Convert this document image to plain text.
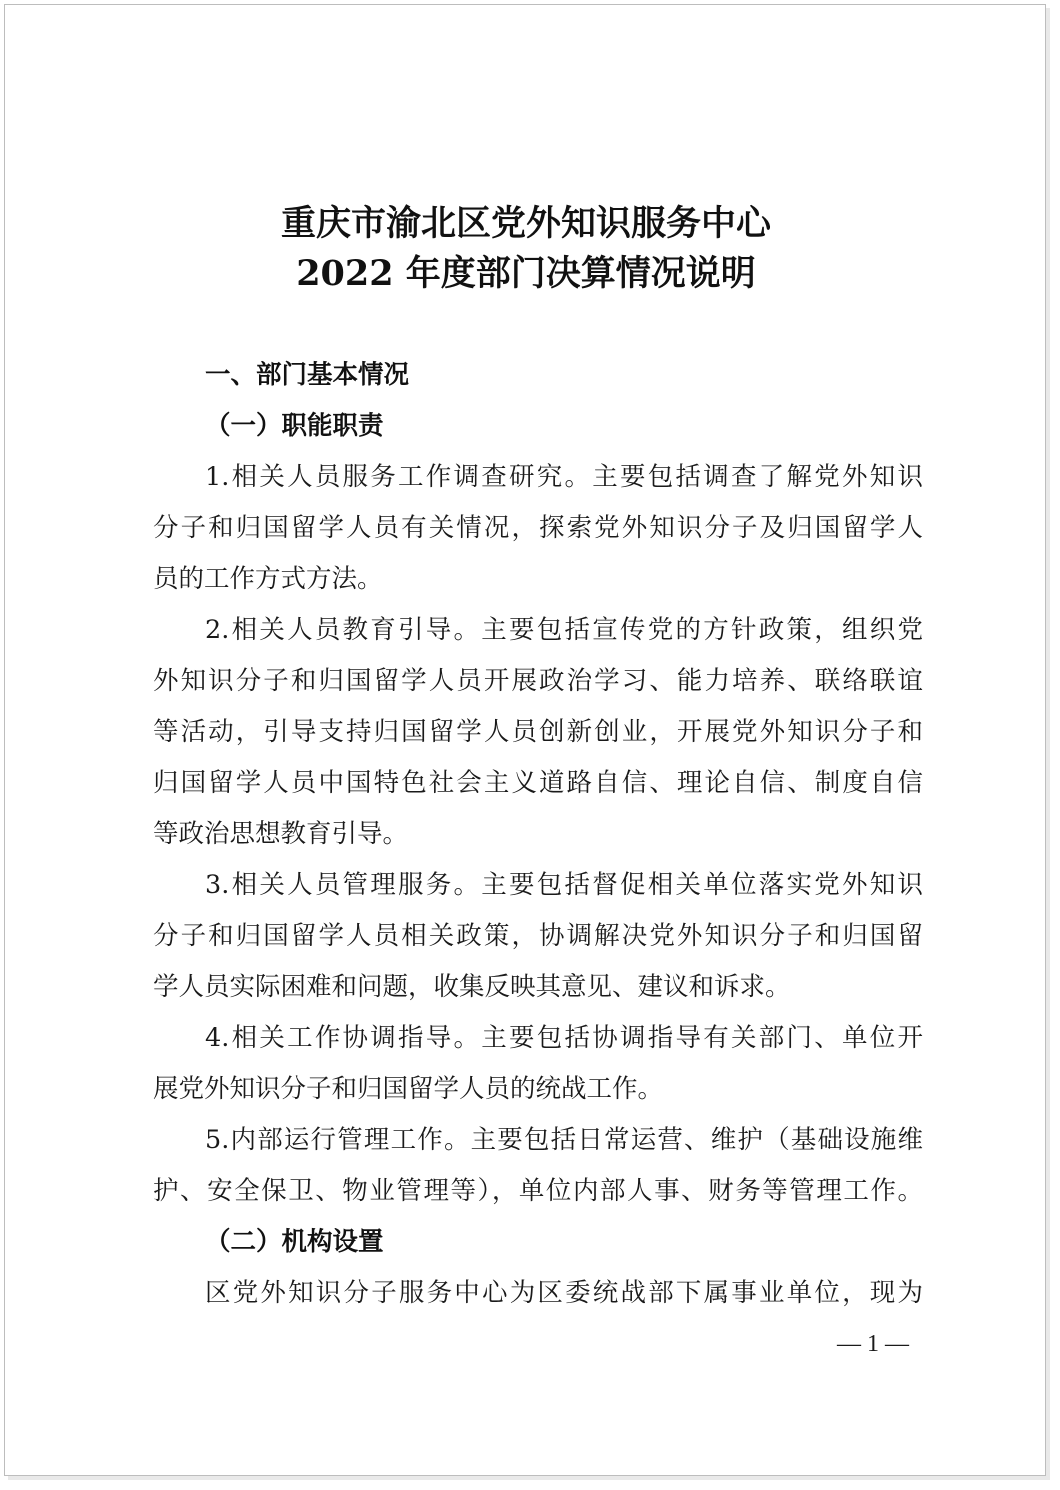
重庆市渝北区党外知识服务中心
2022 年度部门决算情况说明
一、部门基本情况
（一）职能职责
1.相关人员服务工作调查研究。主要包括调查了解党外知识
分子和归国留学人员有关情况，探索党外知识分子及归国留学人
员的工作方式方法。
2.相关人员教育引导。主要包括宣传党的方针政策，组织党
外知识分子和归国留学人员开展政治学习、能力培养、联络联谊
等活动，引导支持归国留学人员创新创业，开展党外知识分子和
归国留学人员中国特色社会主义道路自信、理论自信、制度自信
等政治思想教育引导。
3.相关人员管理服务。主要包括督促相关单位落实党外知识
分子和归国留学人员相关政策，协调解决党外知识分子和归国留
学人员实际困难和问题，收集反映其意见、建议和诉求。
4.相关工作协调指导。主要包括协调指导有关部门、单位开
展党外知识分子和归国留学人员的统战工作。
5.内部运行管理工作。主要包括日常运营、维护（基础设施维
护、安全保卫、物业管理等），单位内部人事、财务等管理工作。
（二）机构设置
区党外知识分子服务中心为区委统战部下属事业单位，现为
— 1 —
